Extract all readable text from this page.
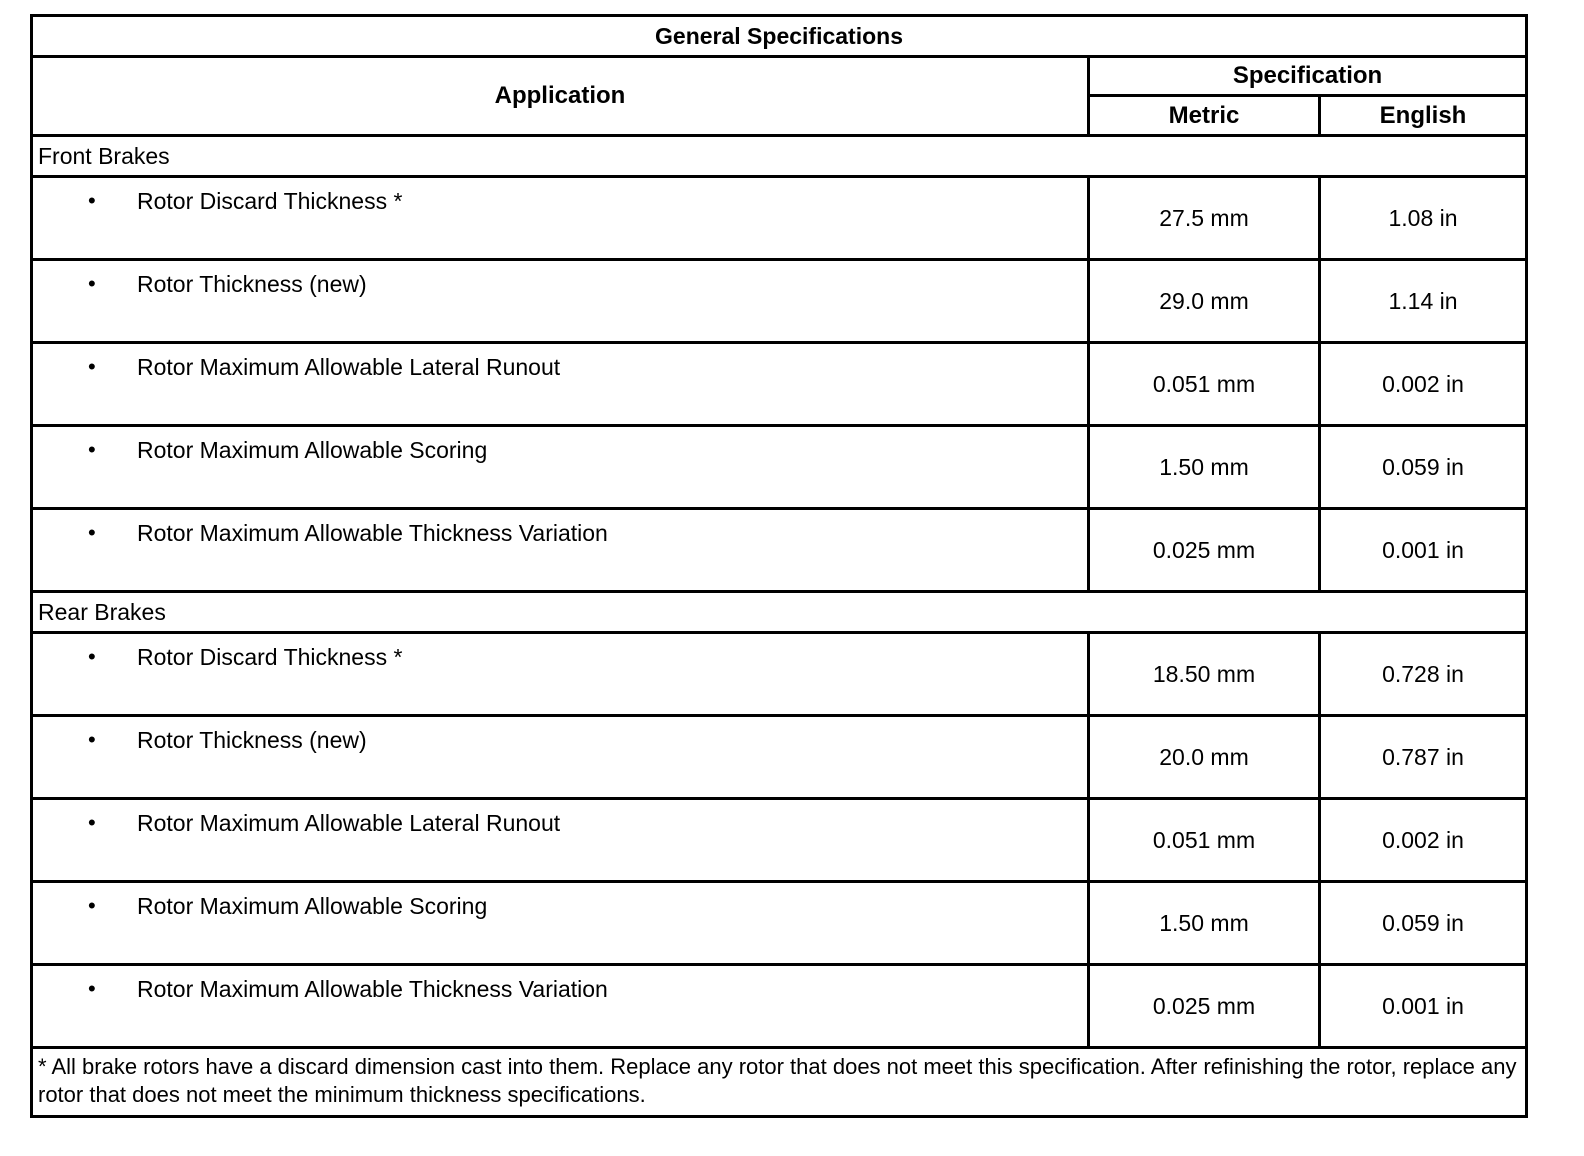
General Specifications		
Application	Specification	
	Metric	English
Front Brakes		

• Rotor Discard Thickness *	27.5 mm	1.08 in

• Rotor Thickness (new)	29.0 mm	1.14 in

• Rotor Maximum Allowable Lateral Runout	0.051 mm	0.002 in

• Rotor Maximum Allowable Scoring	1.50 mm	0.059 in

• Rotor Maximum Allowable Thickness Variation	0.025 mm	0.001 in
Rear Brakes		

• Rotor Discard Thickness *	18.50 mm	0.728 in

• Rotor Thickness (new)	20.0 mm	0.787 in

• Rotor Maximum Allowable Lateral Runout	0.051 mm	0.002 in

• Rotor Maximum Allowable Scoring	1.50 mm	0.059 in

• Rotor Maximum Allowable Thickness Variation	0.025 mm	0.001 in
* All brake rotors have a discard dimension cast into them. Replace any rotor that does not meet this specification. After refinishing the rotor, replace any rotor that does not meet the minimum thickness specifications.		
